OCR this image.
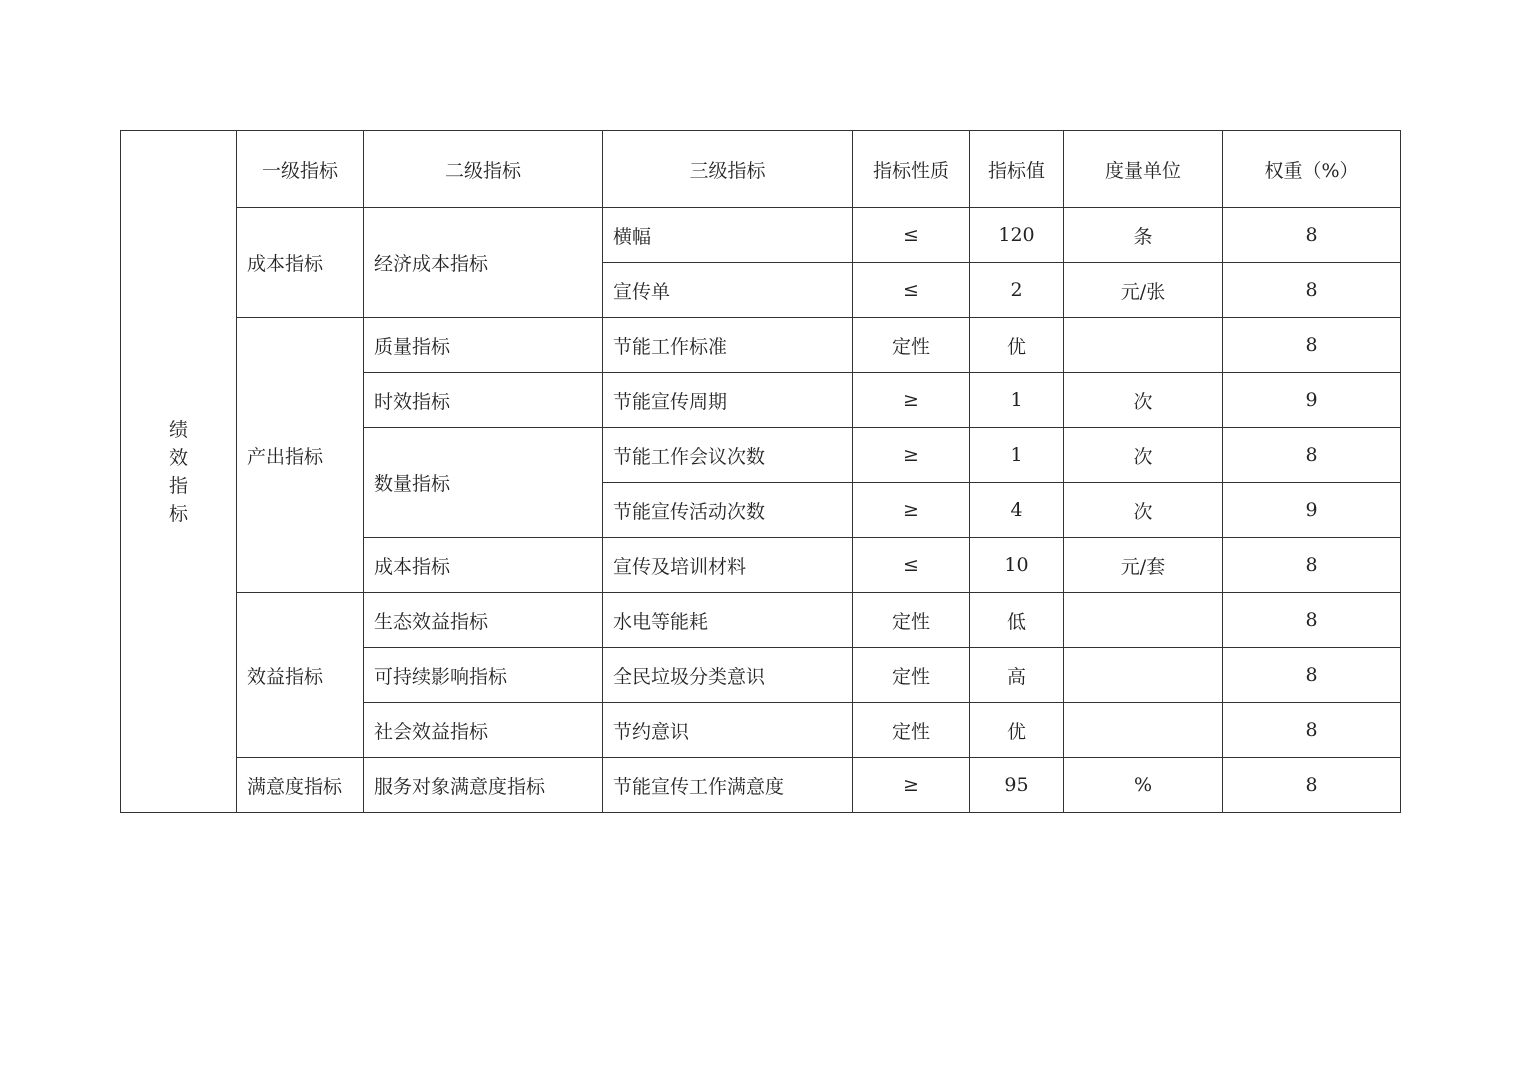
绩效指标	一级指标	二级指标	三级指标	指标性质	指标值	度量单位	权重（%）
	成本指标	经济成本指标	横幅	≤	120	条	8
			宣传单	≤	2	元/张	8
	产出指标	质量指标	节能工作标准	定性	优		8
		时效指标	节能宣传周期	≥	1	次	9
		数量指标	节能工作会议次数	≥	1	次	8
			节能宣传活动次数	≥	4	次	9
		成本指标	宣传及培训材料	≤	10	元/套	8
	效益指标	生态效益指标	水电等能耗	定性	低		8
		可持续影响指标	全民垃圾分类意识	定性	高		8
		社会效益指标	节约意识	定性	优		8
	满意度指标	服务对象满意度指标	节能宣传工作满意度	≥	95	%	8
